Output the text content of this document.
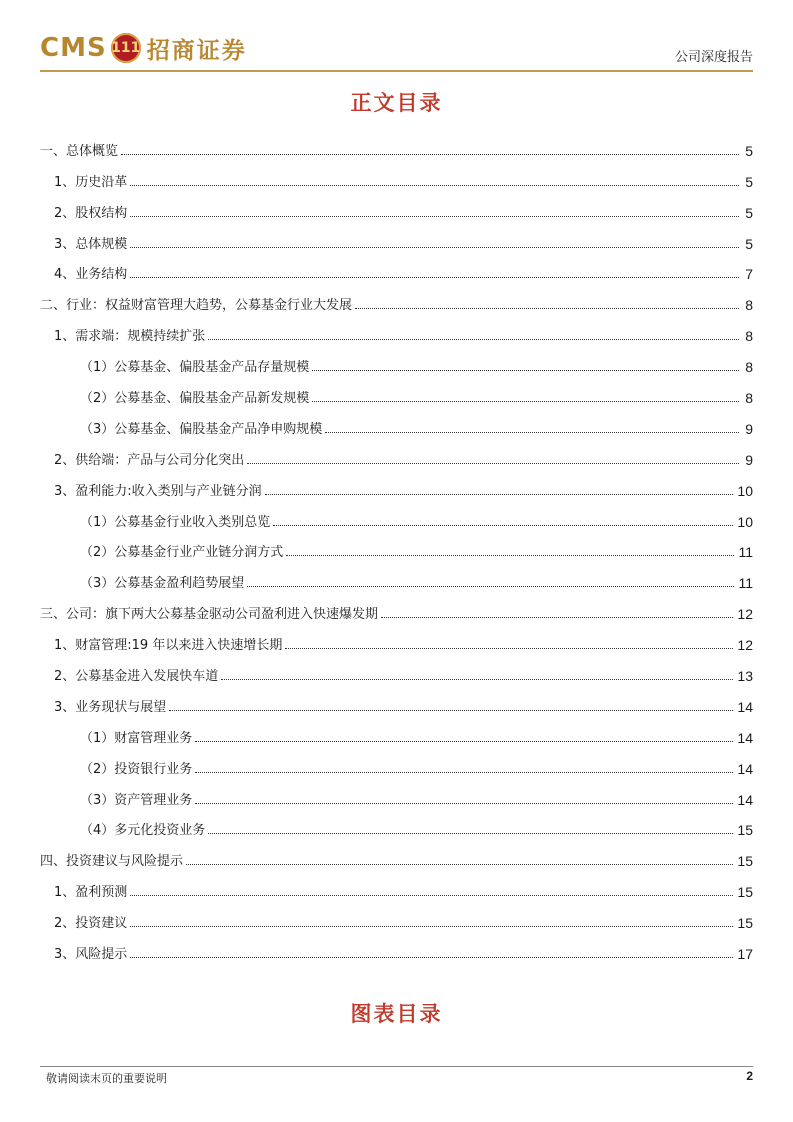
CMS 111 招商证券	公司深度报告
正文目录
一、总体概览	5
1、历史沿革	5
2、股权结构	5
3、总体规模	5
4、业务结构	7
二、行业：权益财富管理大趋势，公募基金行业大发展	8
1、需求端：规模持续扩张	8
（1）公募基金、偏股基金产品存量规模	8
（2）公募基金、偏股基金产品新发规模	8
（3）公募基金、偏股基金产品净申购规模	9
2、供给端：产品与公司分化突出	9
3、盈利能力:收入类别与产业链分润	10
（1）公募基金行业收入类别总览	10
（2）公募基金行业产业链分润方式	11
（3）公募基金盈利趋势展望	11
三、公司：旗下两大公募基金驱动公司盈利进入快速爆发期	12
1、财富管理:19 年以来进入快速增长期	12
2、公募基金进入发展快车道	13
3、业务现状与展望	14
（1）财富管理业务	14
（2）投资银行业务	14
（3）资产管理业务	14
（4）多元化投资业务	15
四、投资建议与风险提示	15
1、盈利预测	15
2、投资建议	15
3、风险提示	17
图表目录
敬请阅读末页的重要说明	2
